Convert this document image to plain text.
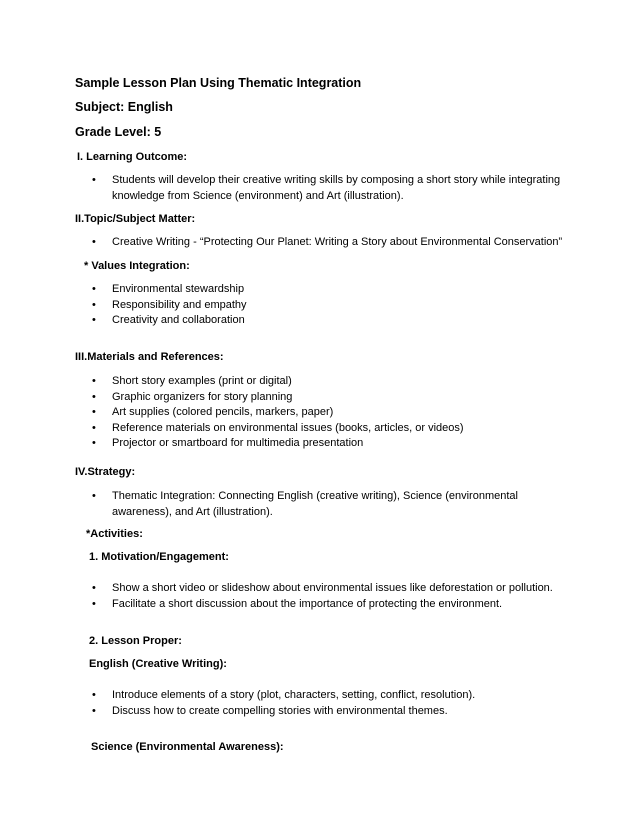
Sample Lesson Plan Using Thematic Integration
Subject: English
Grade Level: 5
I. Learning Outcome:
• Students will develop their creative writing skills by composing a short story while integrating knowledge from Science (environment) and Art (illustration).
II.Topic/Subject Matter:
• Creative Writing - “Protecting Our Planet: Writing a Story about Environmental Conservation”
* Values Integration:
• Environmental stewardship
• Responsibility and empathy
• Creativity and collaboration
III.Materials and References:
• Short story examples (print or digital)
• Graphic organizers for story planning
• Art supplies (colored pencils, markers, paper)
• Reference materials on environmental issues (books, articles, or videos)
• Projector or smartboard for multimedia presentation
IV.Strategy:
• Thematic Integration: Connecting English (creative writing), Science (environmental awareness), and Art (illustration).
*Activities:
1. Motivation/Engagement:
• Show a short video or slideshow about environmental issues like deforestation or pollution.
• Facilitate a short discussion about the importance of protecting the environment.
2. Lesson Proper:
English (Creative Writing):
• Introduce elements of a story (plot, characters, setting, conflict, resolution).
• Discuss how to create compelling stories with environmental themes.
Science (Environmental Awareness):
